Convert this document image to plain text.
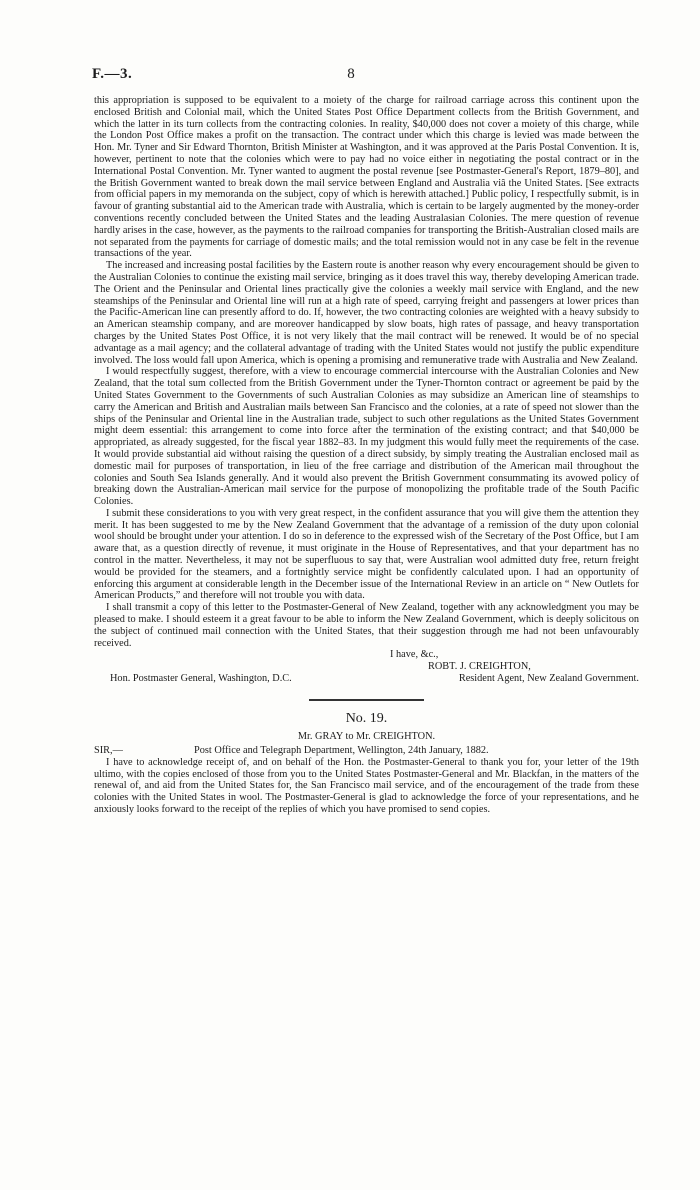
F.—3.	8

this appropriation is supposed to be equivalent to a moiety of the charge for railroad carriage across this continent upon the enclosed British and Colonial mail, which the United States Post Office Department collects from the British Government, and which the latter in its turn collects from the contracting colonies. In reality, $40,000 does not cover a moiety of this charge, while the London Post Office makes a profit on the transaction. The contract under which this charge is levied was made between the Hon. Mr. Tyner and Sir Edward Thornton, British Minister at Washington, and it was approved at the Paris Postal Convention. It is, however, pertinent to note that the colonies which were to pay had no voice either in negotiating the postal contract or in the International Postal Convention. Mr. Tyner wanted to augment the postal revenue [see Postmaster-General's Report, 1879–80], and the British Government wanted to break down the mail service between England and Australia viâ the United States. [See extracts from official papers in my memoranda on the subject, copy of which is herewith attached.] Public policy, I respectfully submit, is in favour of granting substantial aid to the American trade with Australia, which is certain to be largely augmented by the money-order conventions recently concluded between the United States and the leading Australasian Colonies. The mere question of revenue hardly arises in the case, however, as the payments to the railroad companies for transporting the British-Australian closed mails are not separated from the payments for carriage of domestic mails; and the total remission would not in any case be felt in the revenue transactions of the year.

The increased and increasing postal facilities by the Eastern route is another reason why every encouragement should be given to the Australian Colonies to continue the existing mail service, bringing as it does travel this way, thereby developing American trade. The Orient and the Peninsular and Oriental lines practically give the colonies a weekly mail service with England, and the new steamships of the Peninsular and Oriental line will run at a high rate of speed, carrying freight and passengers at lower prices than the Pacific-American line can presently afford to do. If, however, the two contracting colonies are weighted with a heavy subsidy to an American steamship company, and are moreover handicapped by slow boats, high rates of passage, and heavy transportation charges by the United States Post Office, it is not very likely that the mail contract will be renewed. It would be of no special advantage as a mail agency; and the collateral advantage of trading with the United States would not justify the public expenditure involved. The loss would fall upon America, which is opening a promising and remunerative trade with Australia and New Zealand.

I would respectfully suggest, therefore, with a view to encourage commercial intercourse with the Australian Colonies and New Zealand, that the total sum collected from the British Government under the Tyner-Thornton contract or agreement be paid by the United States Government to the Governments of such Australian Colonies as may subsidize an American line of steamships to carry the American and British and Australian mails between San Francisco and the colonies, at a rate of speed not slower than the ships of the Peninsular and Oriental line in the Australian trade, subject to such other regulations as the United States Government might deem essential: this arrangement to come into force after the termination of the existing contract; and that $40,000 be appropriated, as already suggested, for the fiscal year 1882–83. In my judgment this would fully meet the requirements of the case. It would provide substantial aid without raising the question of a direct subsidy, by simply treating the Australian enclosed mail as domestic mail for purposes of transportation, in lieu of the free carriage and distribution of the American mail throughout the colonies and South Sea Islands generally. And it would also prevent the British Government consummating its avowed policy of breaking down the Australian-American mail service for the purpose of monopolizing the profitable trade of the South Pacific Colonies.

I submit these considerations to you with very great respect, in the confident assurance that you will give them the attention they merit. It has been suggested to me by the New Zealand Government that the advantage of a remission of the duty upon colonial wool should be brought under your attention. I do so in deference to the expressed wish of the Secretary of the Post Office, but I am aware that, as a question directly of revenue, it must originate in the House of Representatives, and that your department has no control in the matter. Nevertheless, it may not be superfluous to say that, were Australian wool admitted duty free, return freight would be provided for the steamers, and a fortnightly service might be confidently calculated upon. I had an opportunity of enforcing this argument at considerable length in the December issue of the International Review in an article on “ New Outlets for American Products,” and therefore will not trouble you with data.

I shall transmit a copy of this letter to the Postmaster-General of New Zealand, together with any acknowledgment you may be pleased to make. I should esteem it a great favour to be able to inform the New Zealand Government, which is deeply solicitous on the subject of continued mail connection with the United States, that their suggestion through me had not been unfavourably received.

I have, &c.,
ROBT. J. CREIGHTON,
Hon. Postmaster General, Washington, D.C.	Resident Agent, New Zealand Government.
No. 19.
Mr. GRAY to Mr. CREIGHTON.
SIR,—	Post Office and Telegraph Department, Wellington, 24th January, 1882.

I have to acknowledge receipt of, and on behalf of the Hon. the Postmaster-General to thank you for, your letter of the 19th ultimo, with the copies enclosed of those from you to the United States Postmaster-General and Mr. Blackfan, in the matters of the renewal of, and aid from the United States for, the San Francisco mail service, and of the encouragement of the trade from these colonies with the United States in wool. The Postmaster-General is glad to acknowledge the force of your representations, and he anxiously looks forward to the receipt of the replies of which you have promised to send copies.
